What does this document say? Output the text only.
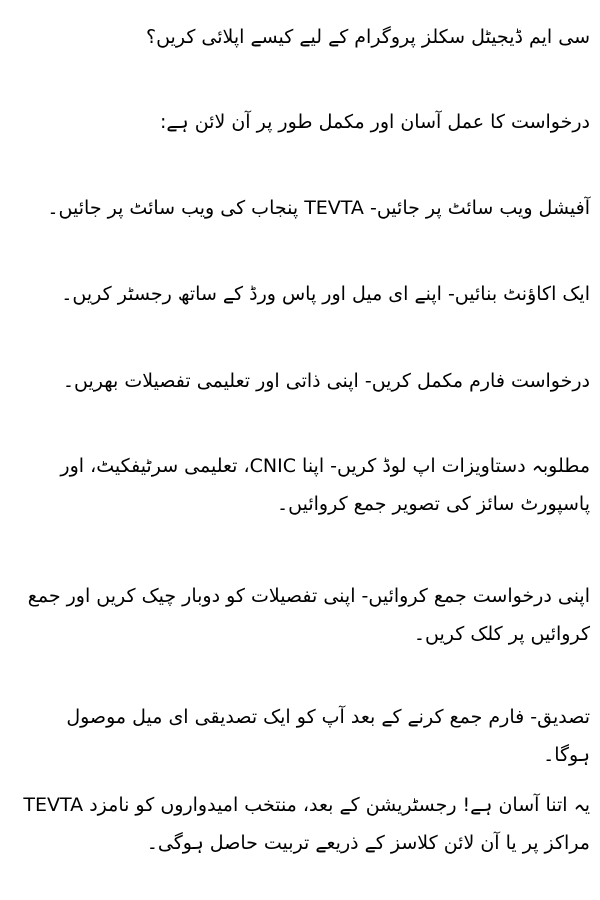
سی ایم ڈیجیٹل سکلز پروگرام کے لیے کیسے اپلائی کریں؟

درخواست کا عمل آسان اور مکمل طور پر آن لائن ہے:

آفیشل ویب سائٹ پر جائیں- TEVTA پنجاب کی ویب سائٹ پر جائیں۔

ایک اکاؤنٹ بنائیں- اپنے ای میل اور پاس ورڈ کے ساتھ رجسٹر کریں۔

درخواست فارم مکمل کریں- اپنی ذاتی اور تعلیمی تفصیلات بھریں۔

مطلوبہ دستاویزات اپ لوڈ کریں- اپنا CNIC، تعلیمی سرٹیفکیٹ، اور پاسپورٹ سائز کی تصویر جمع کروائیں۔

اپنی درخواست جمع کروائیں- اپنی تفصیلات کو دوبار چیک کریں اور جمع کروائیں پر کلک کریں۔

تصدیق- فارم جمع کرنے کے بعد آپ کو ایک تصدیقی ای میل موصول ہوگا۔

یہ اتنا آسان ہے! رجسٹریشن کے بعد، منتخب امیدواروں کو نامزد TEVTA مراکز پر یا آن لائن کلاسز کے ذریعے تربیت حاصل ہوگی۔
